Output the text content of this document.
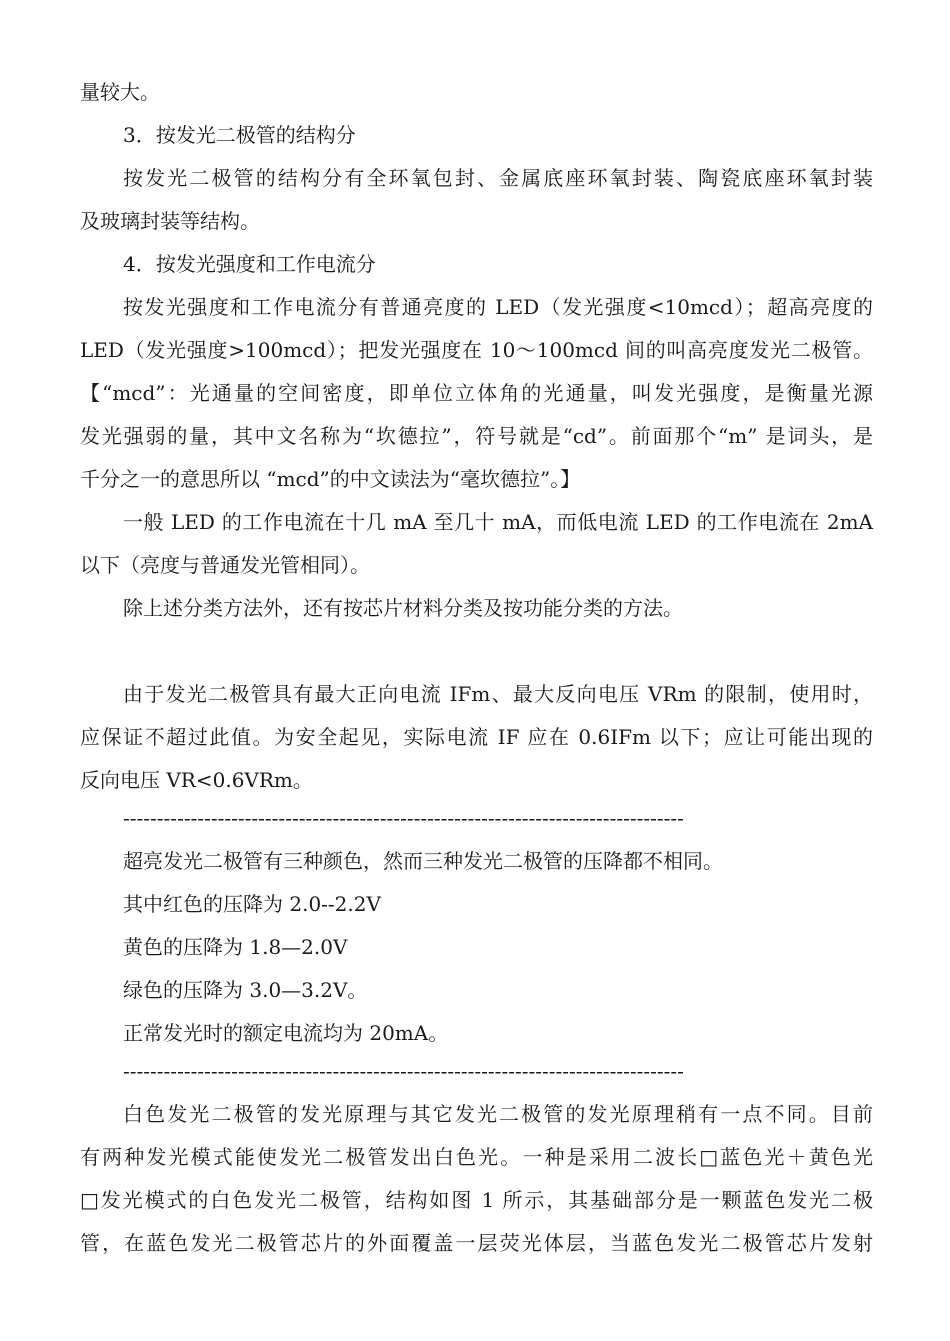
量较大。
3．按发光二极管的结构分
按发光二极管的结构分有全环氧包封、金属底座环氧封装、陶瓷底座环氧封装
及玻璃封装等结构。
4．按发光强度和工作电流分
按发光强度和工作电流分有普通亮度的 LED（发光强度<10mcd）；超高亮度的
LED（发光强度>100mcd）；把发光强度在 10～100mcd 间的叫高亮度发光二极管。
【“mcd”：光通量的空间密度，即单位立体角的光通量，叫发光强度，是衡量光源
发光强弱的量，其中文名称为“坎德拉”，符号就是“cd”。前面那个“m” 是词头，是
千分之一的意思所以 “mcd”的中文读法为“毫坎德拉”。】
一般 LED 的工作电流在十几 mA 至几十 mA，而低电流 LED 的工作电流在 2mA
以下（亮度与普通发光管相同）。
除上述分类方法外，还有按芯片材料分类及按功能分类的方法。
由于发光二极管具有最大正向电流 IFm、最大反向电压 VRm 的限制，使用时，
应保证不超过此值。为安全起见，实际电流 IF 应在 0.6IFm 以下；应让可能出现的
反向电压 VR<0.6VRm。
-----------------------------------------------------------------------------------
超亮发光二极管有三种颜色，然而三种发光二极管的压降都不相同。
其中红色的压降为 2.0--2.2V
黄色的压降为 1.8—2.0V
绿色的压降为 3.0—3.2V。
正常发光时的额定电流均为 20mA。
-----------------------------------------------------------------------------------
白色发光二极管的发光原理与其它发光二极管的发光原理稍有一点不同。目前
有两种发光模式能使发光二极管发出白色光。一种是采用二波长□蓝色光＋黄色光
□发光模式的白色发光二极管，结构如图 1 所示，其基础部分是一颗蓝色发光二极
管，在蓝色发光二极管芯片的外面覆盖一层荧光体层，当蓝色发光二极管芯片发射
